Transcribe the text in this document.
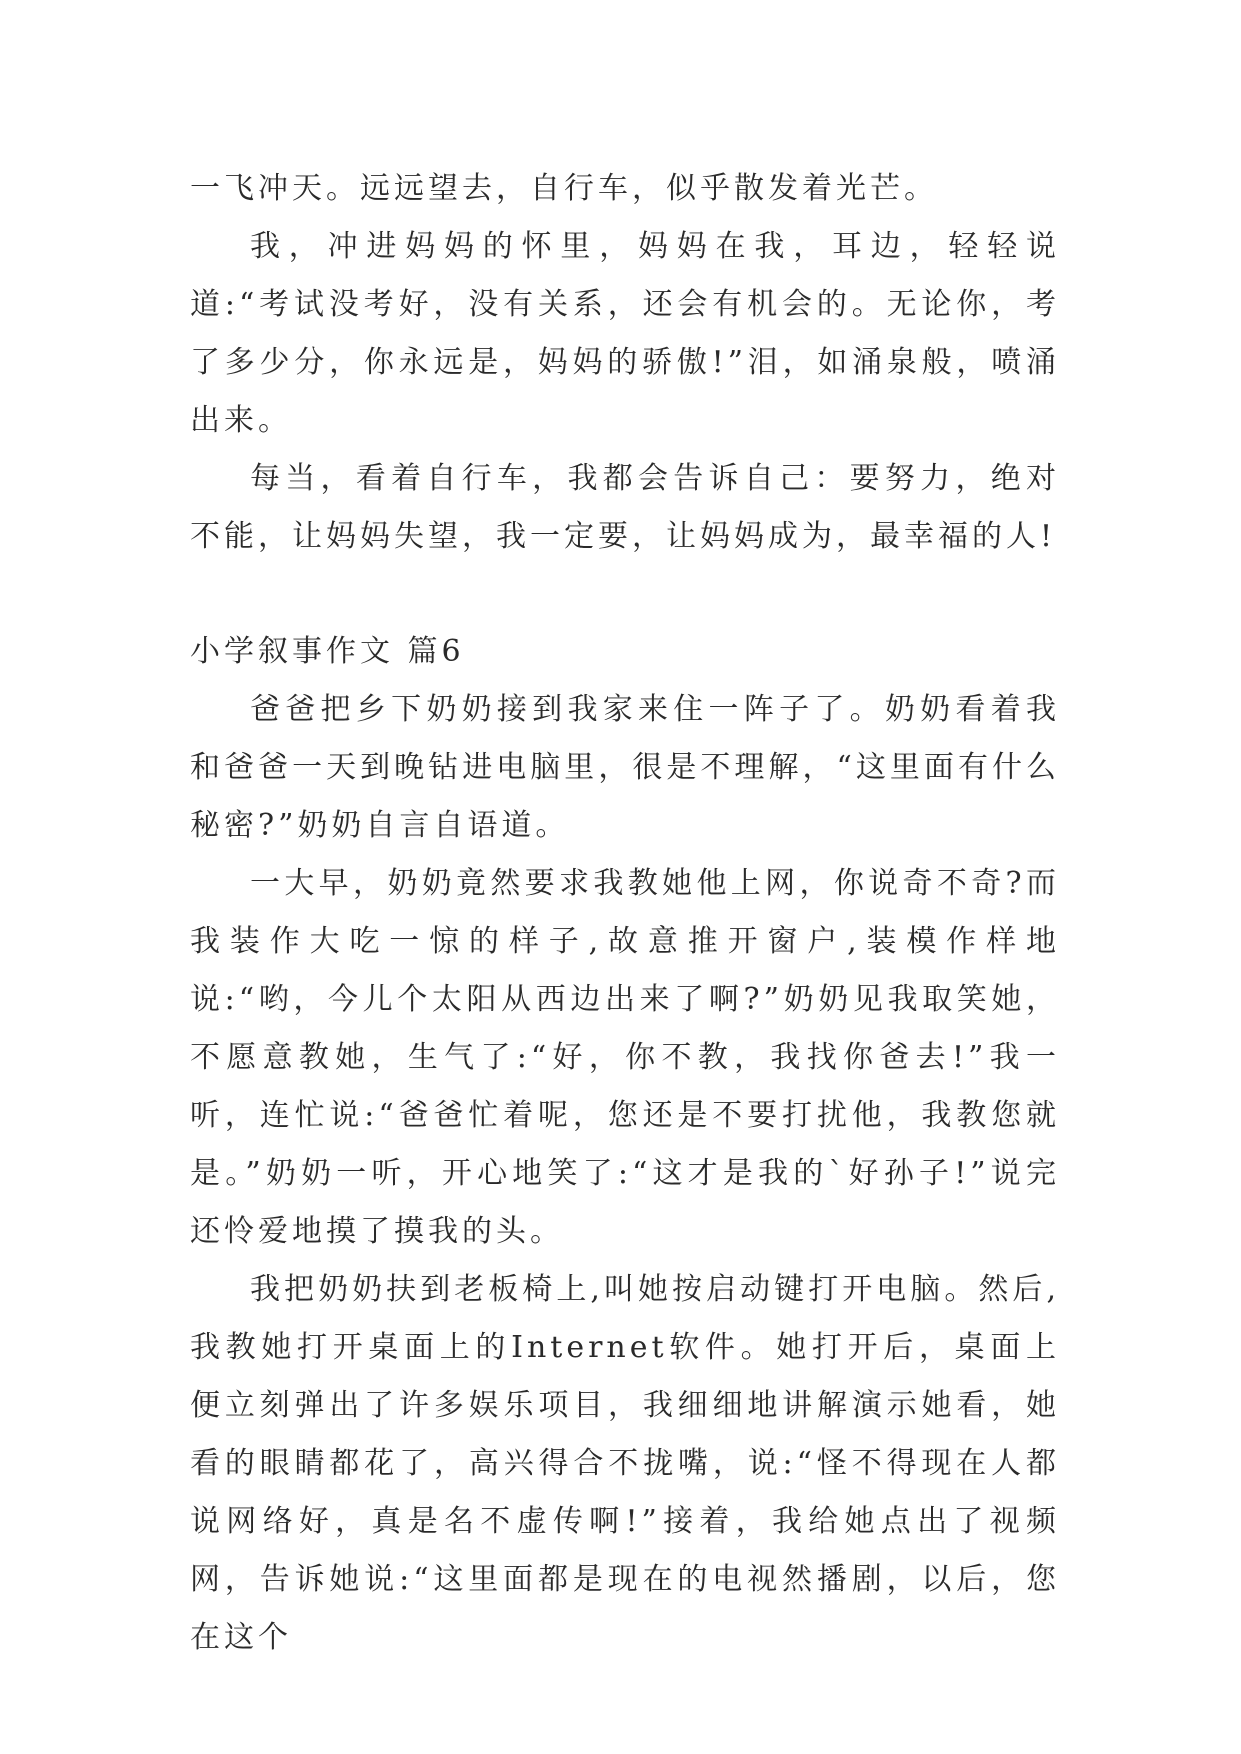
一飞冲天。远远望去，自行车，似乎散发着光芒。

我，冲进妈妈的怀里，妈妈在我，耳边，轻轻说道:“考试没考好，没有关系，还会有机会的。无论你，考了多少分，你永远是，妈妈的骄傲!”泪，如涌泉般，喷涌出来。

每当，看着自行车，我都会告诉自己：要努力，绝对不能，让妈妈失望，我一定要，让妈妈成为，最幸福的人!

小学叙事作文 篇6

爸爸把乡下奶奶接到我家来住一阵子了。奶奶看着我和爸爸一天到晚钻进电脑里，很是不理解，“这里面有什么秘密?”奶奶自言自语道。

一大早，奶奶竟然要求我教她他上网，你说奇不奇?而我装作大吃一惊的样子,故意推开窗户,装模作样地说:“哟，今儿个太阳从西边出来了啊?”奶奶见我取笑她，不愿意教她，生气了:“好，你不教，我找你爸去!”我一听，连忙说:“爸爸忙着呢，您还是不要打扰他，我教您就是。”奶奶一听，开心地笑了:“这才是我的`好孙子!”说完还怜爱地摸了摸我的头。

我把奶奶扶到老板椅上,叫她按启动键打开电脑。然后,我教她打开桌面上的Internet软件。她打开后，桌面上便立刻弹出了许多娱乐项目，我细细地讲解演示她看，她看的眼睛都花了，高兴得合不拢嘴，说:“怪不得现在人都说网络好，真是名不虚传啊!”接着，我给她点出了视频网，告诉她说:“这里面都是现在的电视然播剧，以后，您在这个
